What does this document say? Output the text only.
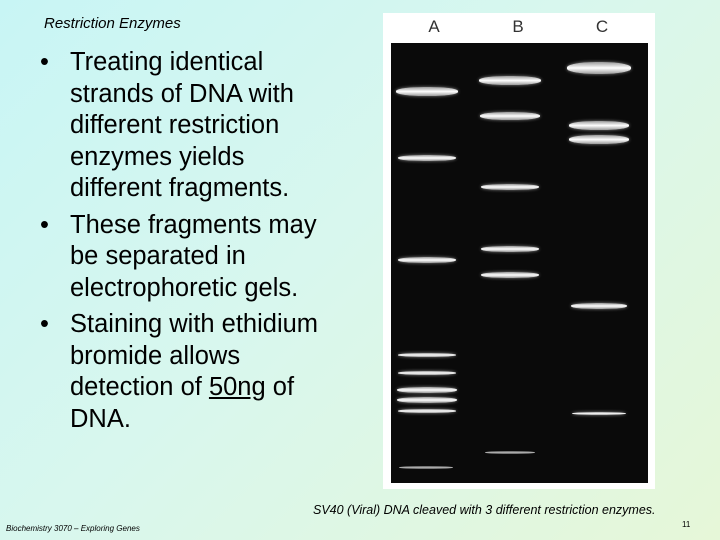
Restriction Enzymes
• Treating identical
strands of DNA with
different restriction
enzymes yields
different fragments.
• These fragments may
be separated in
electrophoretic gels.
• Staining with ethidium
bromide allows
detection of 50ng of
DNA.
A	B	C
SV40 (Viral) DNA cleaved with 3 different restriction enzymes.
Biochemistry 3070 – Exploring Genes	11
